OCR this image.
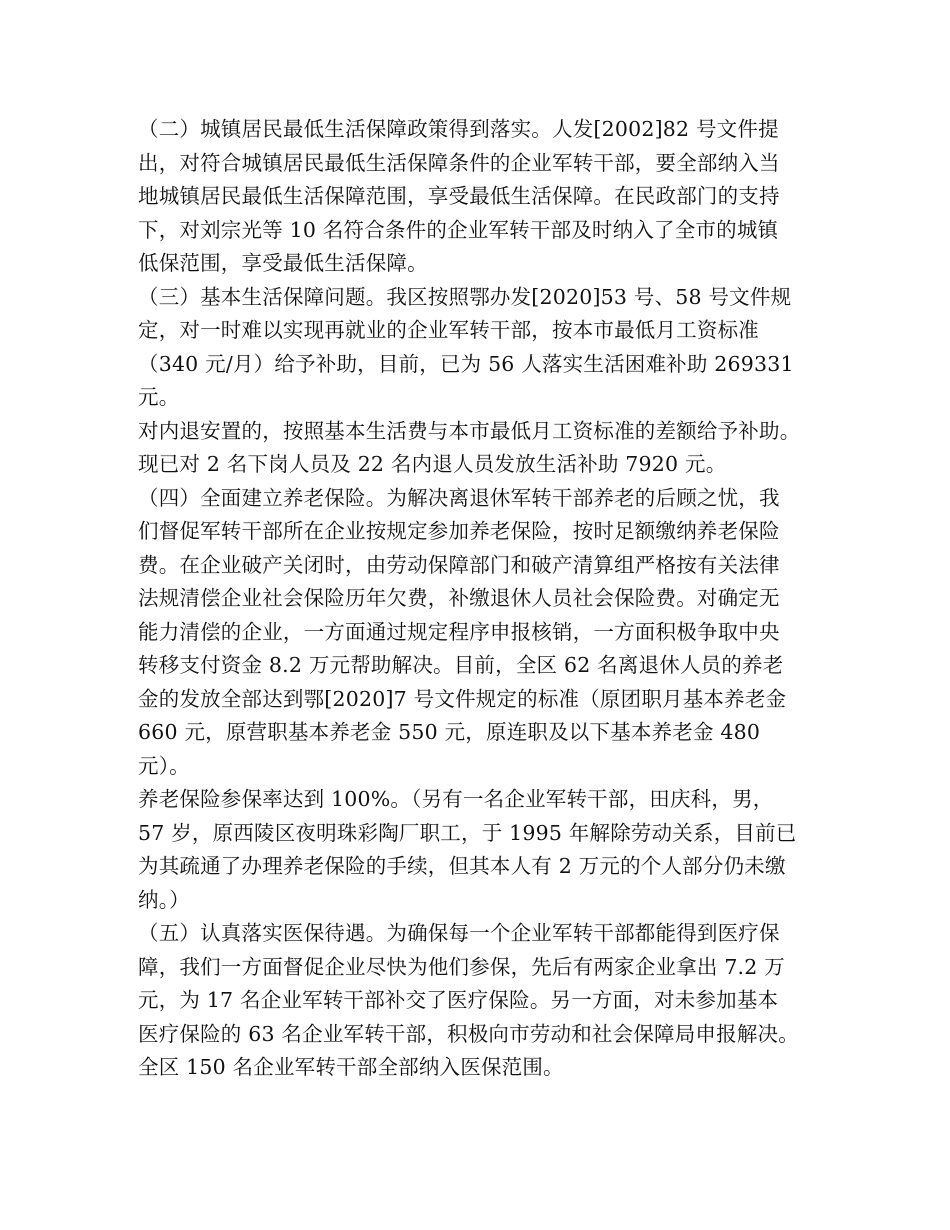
（二）城镇居民最低生活保障政策得到落实。人发[2002]82 号文件提

出，对符合城镇居民最低生活保障条件的企业军转干部，要全部纳入当

地城镇居民最低生活保障范围，享受最低生活保障。在民政部门的支持

下，对刘宗光等 10 名符合条件的企业军转干部及时纳入了全市的城镇

低保范围，享受最低生活保障。

（三）基本生活保障问题。我区按照鄂办发[2020]53 号、58 号文件规

定，对一时难以实现再就业的企业军转干部，按本市最低月工资标准

（340 元/月）给予补助，目前，已为 56 人落实生活困难补助 269331 元。

对内退安置的，按照基本生活费与本市最低月工资标准的差额给予补助。

现已对 2 名下岗人员及 22 名内退人员发放生活补助 7920 元。

（四）全面建立养老保险。为解决离退休军转干部养老的后顾之忧，我

们督促军转干部所在企业按规定参加养老保险，按时足额缴纳养老保险

费。在企业破产关闭时，由劳动保障部门和破产清算组严格按有关法律

法规清偿企业社会保险历年欠费，补缴退休人员社会保险费。对确定无

能力清偿的企业，一方面通过规定程序申报核销，一方面积极争取中央

转移支付资金 8.2 万元帮助解决。目前，全区 62 名离退休人员的养老

金的发放全部达到鄂[2020]7 号文件规定的标准（原团职月基本养老金

660 元，原营职基本养老金 550 元，原连职及以下基本养老金 480 元）。

养老保险参保率达到 100%。（另有一名企业军转干部，田庆科，男，

57 岁，原西陵区夜明珠彩陶厂职工，于 1995 年解除劳动关系，目前已

为其疏通了办理养老保险的手续，但其本人有 2 万元的个人部分仍未缴

纳。）

（五）认真落实医保待遇。为确保每一个企业军转干部都能得到医疗保

障，我们一方面督促企业尽快为他们参保，先后有两家企业拿出 7.2 万

元，为 17 名企业军转干部补交了医疗保险。另一方面，对未参加基本

医疗保险的 63 名企业军转干部，积极向市劳动和社会保障局申报解决。

全区 150 名企业军转干部全部纳入医保范围。
